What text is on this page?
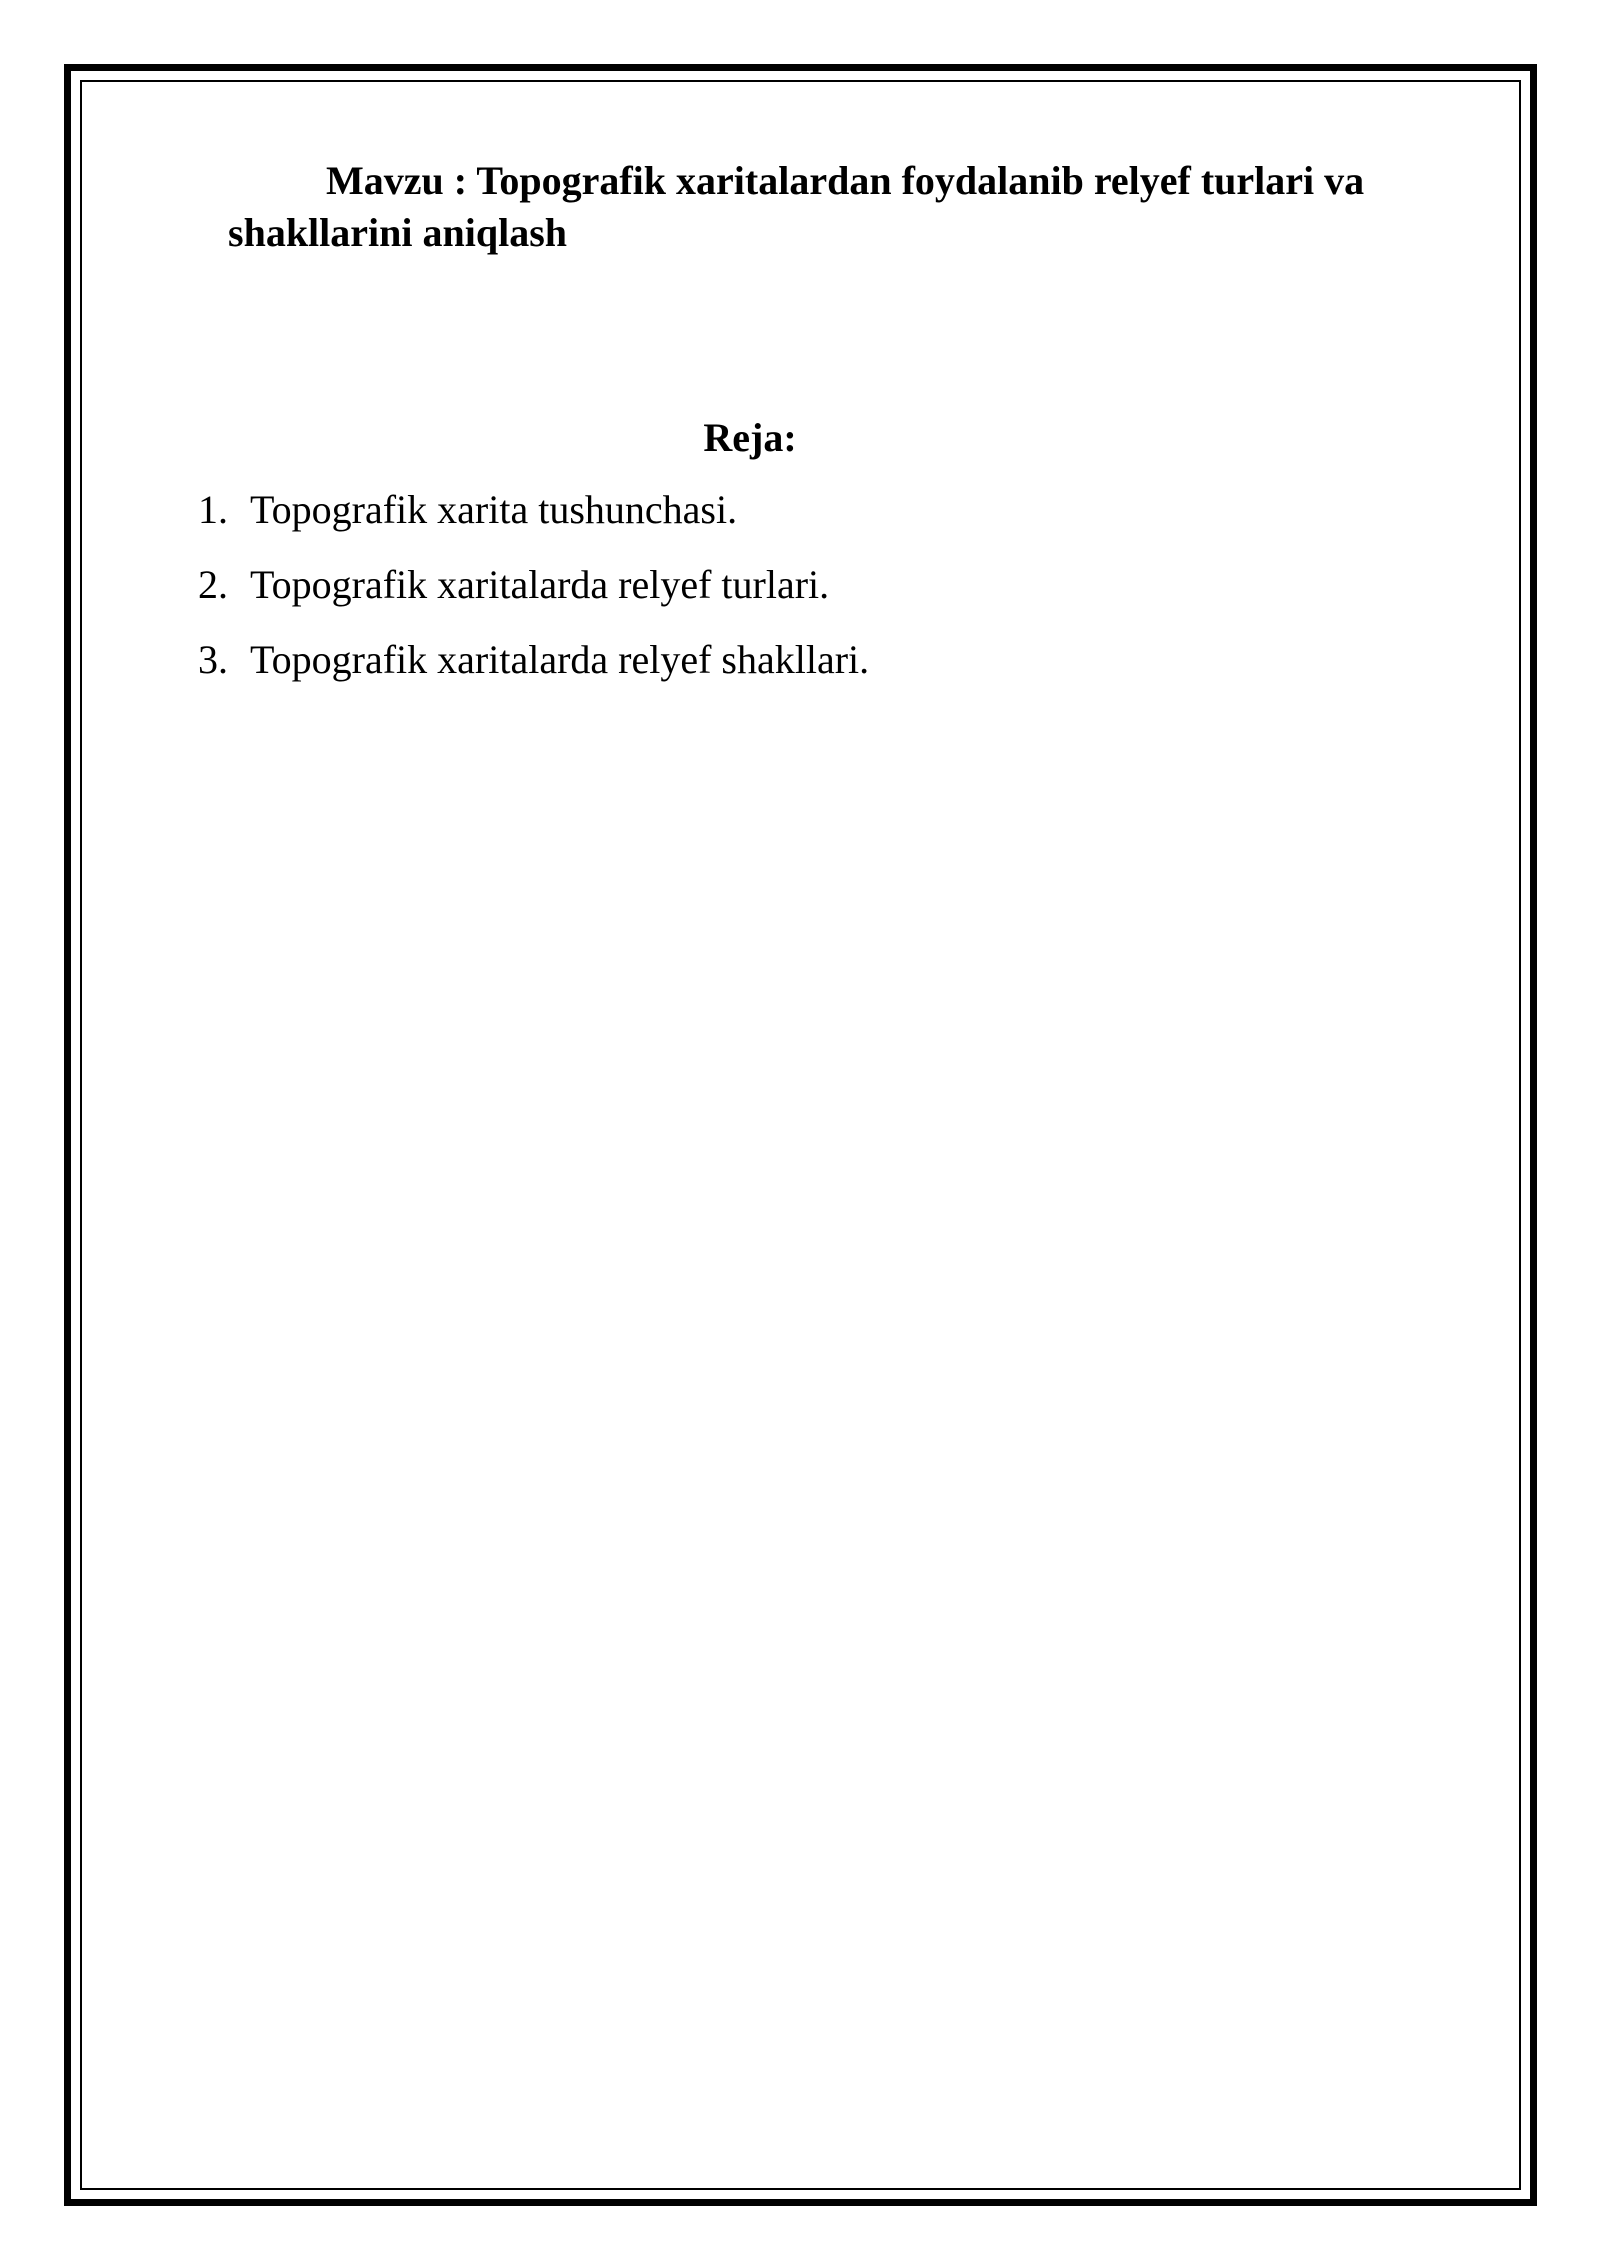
Mavzu : Topografik xaritalardan foydalanib relyef turlari va shakllarini aniqlash

Reja:

1. Topografik xarita tushunchasi.
2. Topografik xaritalarda relyef turlari.
3. Topografik xaritalarda relyef shakllari.
